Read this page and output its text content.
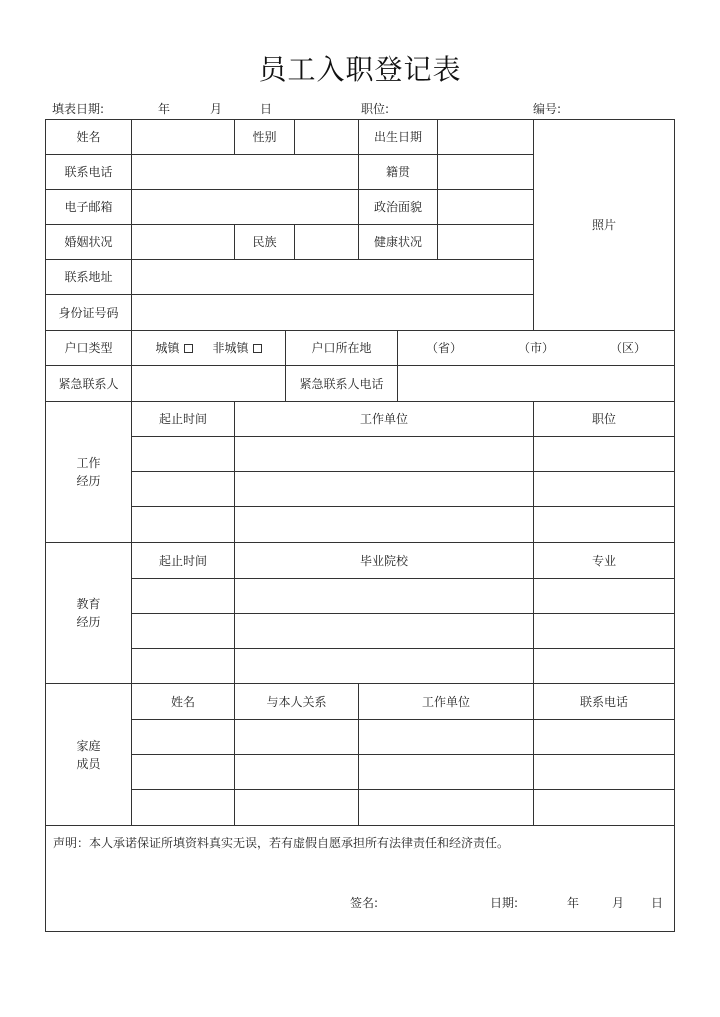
员工入职登记表
填表日期:	年	月	日	职位:	编号:
姓名	性别	出生日期
联系电话	籍贯
电子邮箱	政治面貌
婚姻状况	民族	健康状况
联系地址
身份证号码
照片
户口类型	城镇	非城镇	户口所在地	（省）	（市）	（区）
紧急联系人	紧急联系人电话
工作
经历
起止时间	工作单位	职位
教育
经历
起止时间	毕业院校	专业
家庭
成员
姓名	与本人关系	工作单位	联系电话
声明：本人承诺保证所填资料真实无误，若有虚假自愿承担所有法律责任和经济责任。
签名:	日期:	年	月 日
